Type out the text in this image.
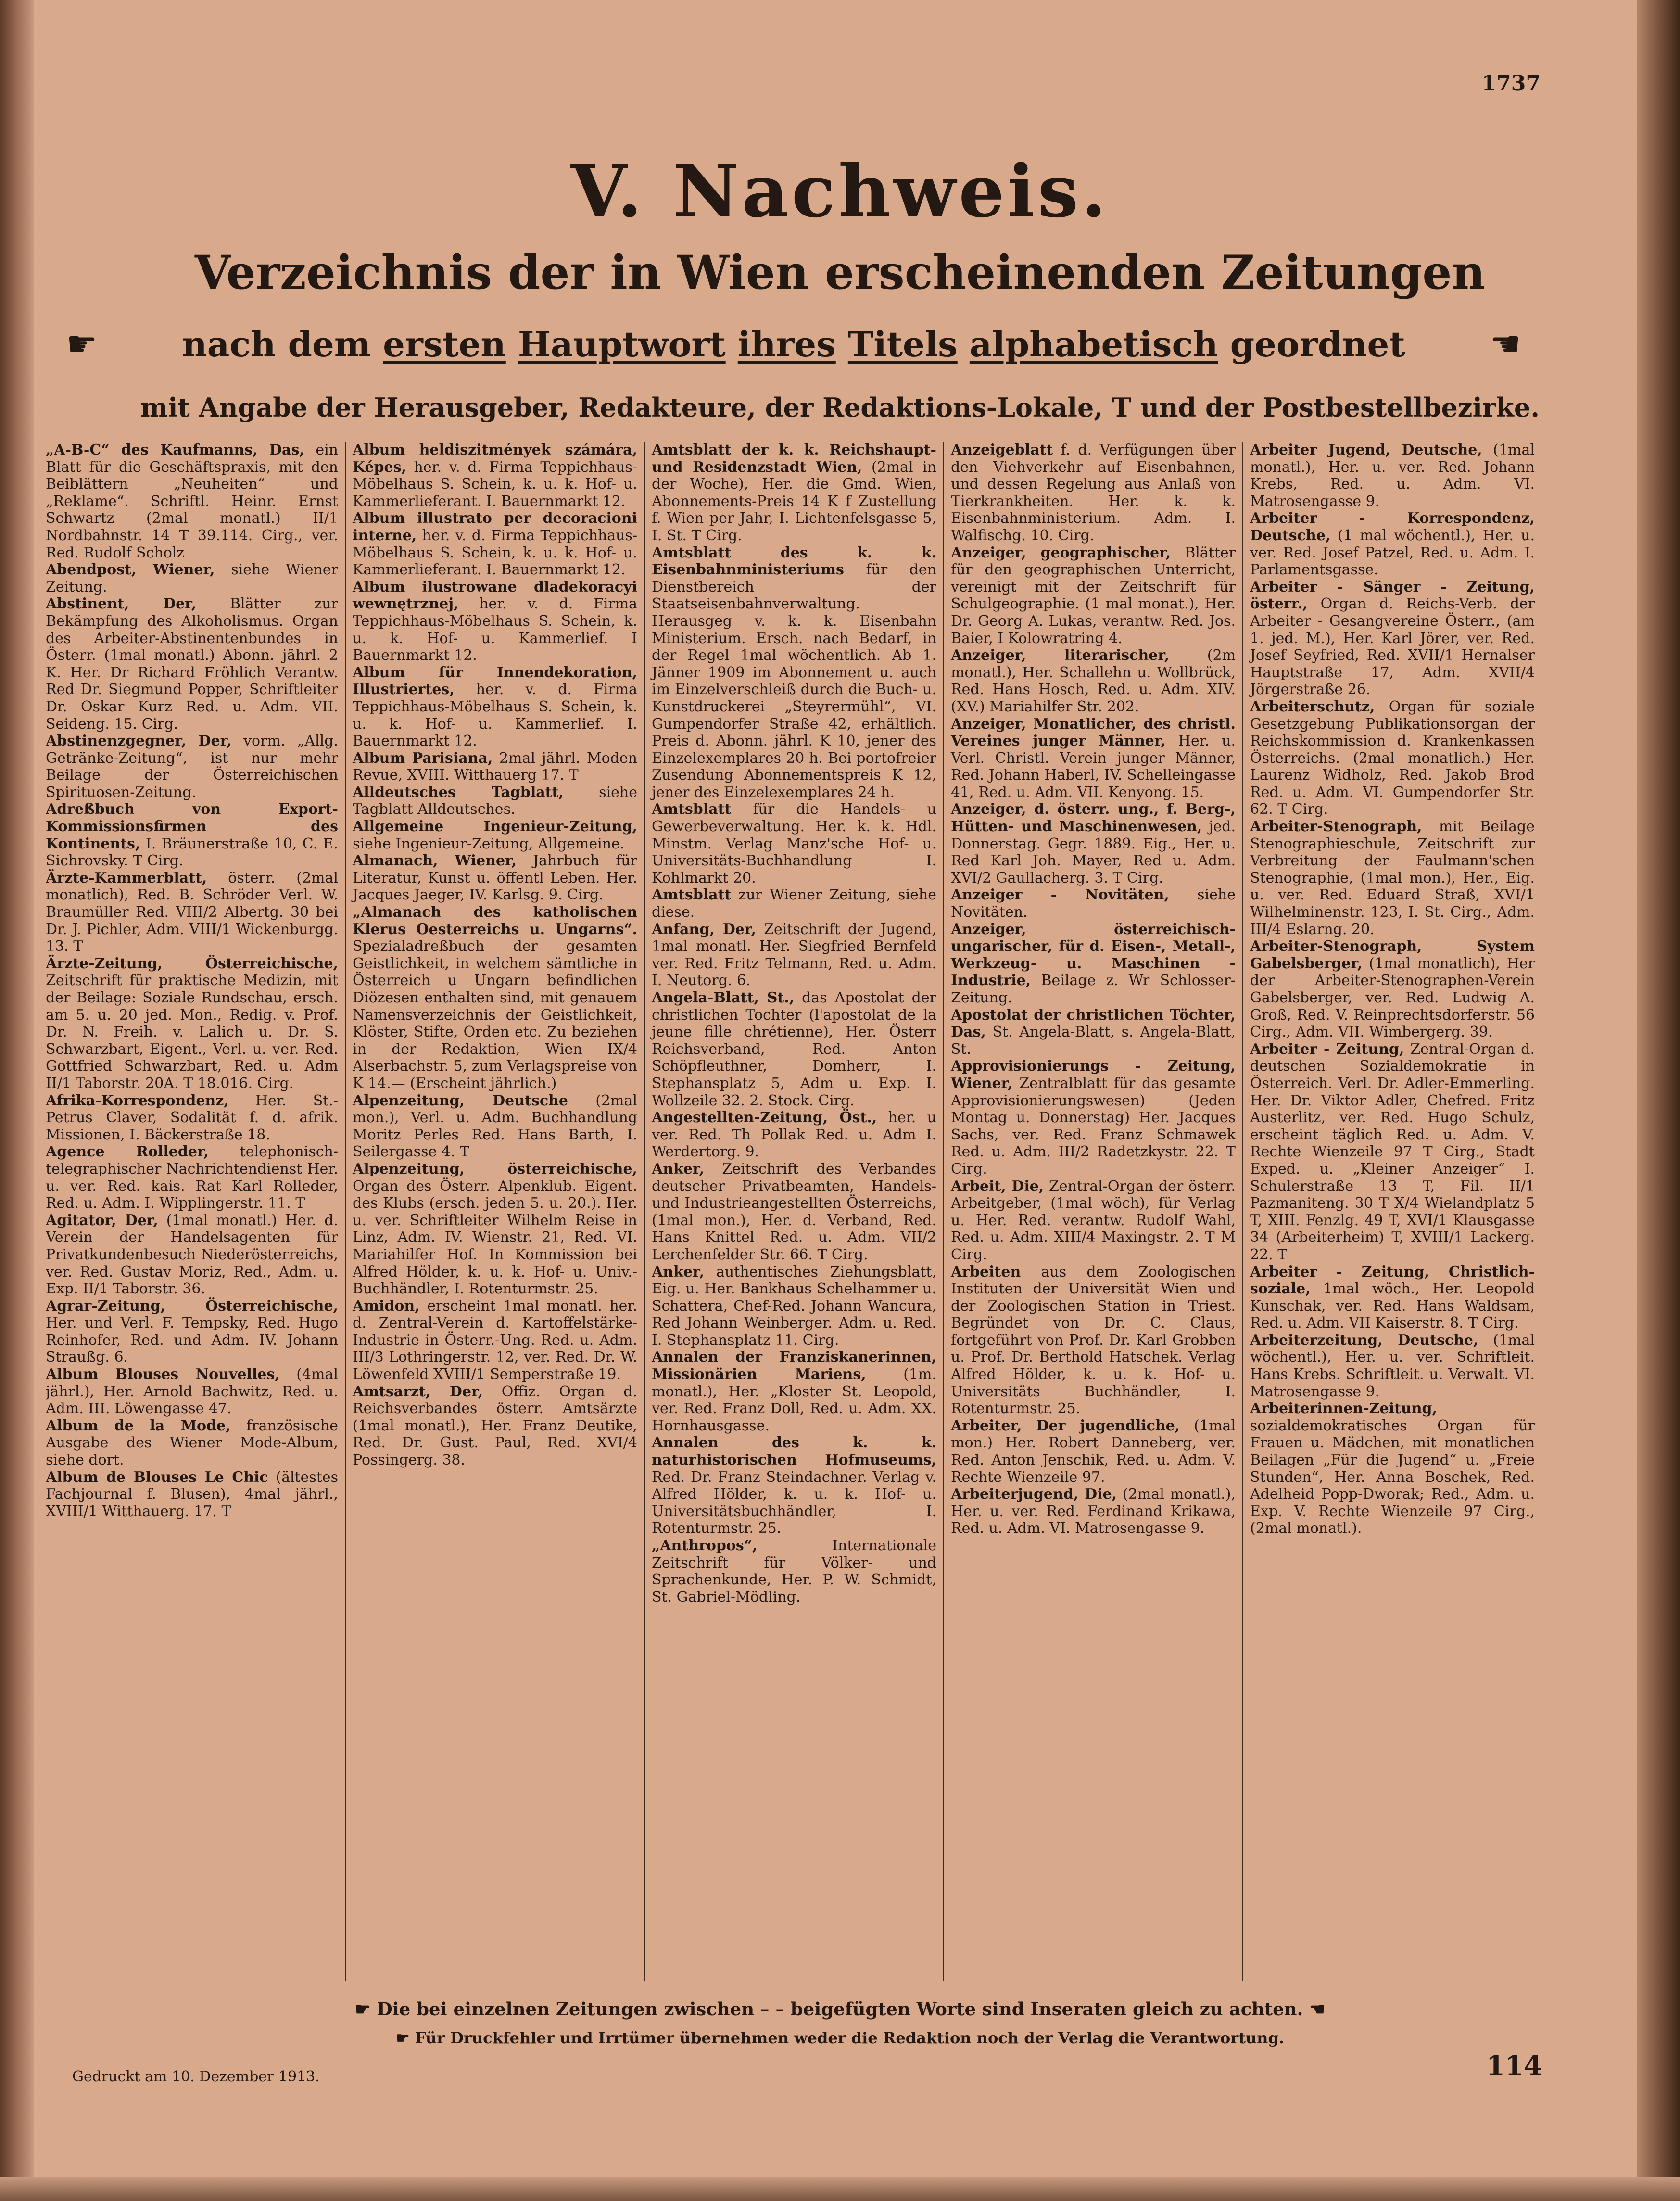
1737
V. Nachweis.
Verzeichnis der in Wien erscheinenden Zeitungen
☛	nach dem ersten Hauptwort ihres Titels alphabetisch geordnet	☚
mit Angabe der Herausgeber, Redakteure, der Redaktions-Lokale, T und der Postbestellbezirke.

„A-B-C“ des Kaufmanns, Das, ein Blatt für die Geschäftspraxis, mit den Beiblättern „Neuheiten“ und „Reklame“. Schriftl. Heinr. Ernst Schwartz (2mal monatl.) II/1 Nordbahnstr. 14 T 39.114. Cirg., ver. Red. Rudolf Scholz

Abendpost, Wiener, siehe Wiener Zeitung.

Abstinent, Der, Blätter zur Bekämpfung des Alkoholismus. Organ des Arbeiter-Abstinentenbundes in Österr. (1mal monatl.) Abonn. jährl. 2 K. Her. Dr Richard Fröhlich Verantw. Red Dr. Siegmund Popper, Schriftleiter Dr. Oskar Kurz Red. u. Adm. VII. Seideng. 15. Cirg.

Abstinenzgegner, Der, vorm. „Allg. Getränke-Zeitung“, ist nur mehr Beilage der Österreichischen Spirituosen-Zeitung.

Adreßbuch von Export-Kommissionsfirmen des Kontinents, I. Bräunerstraße 10, C. E. Sichrovsky. T Cirg.

Ärzte-Kammerblatt, österr. (2mal monatlich), Red. B. Schröder Verl. W. Braumüller Red. VIII/2 Albertg. 30 bei Dr. J. Pichler, Adm. VIII/1 Wickenburgg. 13. T

Ärzte-Zeitung, Österreichische, Zeitschrift für praktische Medizin, mit der Beilage: Soziale Rundschau, ersch. am 5. u. 20 jed. Mon., Redig. v. Prof. Dr. N. Freih. v. Lalich u. Dr. S. Schwarzbart, Eigent., Verl. u. ver. Red. Gottfried Schwarzbart, Red. u. Adm II/1 Taborstr. 20A. T 18.016. Cirg.

Afrika-Korrespondenz, Her. St.-Petrus Claver, Sodalität f. d. afrik. Missionen, I. Bäckerstraße 18.

Agence Rolleder, telephonisch-telegraphischer Nachrichtendienst Her. u. ver. Red. kais. Rat Karl Rolleder, Red. u. Adm. I. Wipplingerstr. 11. T

Agitator, Der, (1mal monatl.) Her. d. Verein der Handelsagenten für Privatkundenbesuch Niederösterreichs, ver. Red. Gustav Moriz, Red., Adm. u. Exp. II/1 Taborstr. 36.

Agrar-Zeitung, Österreichische, Her. und Verl. F. Tempsky, Red. Hugo Reinhofer, Red. und Adm. IV. Johann Straußg. 6.

Album Blouses Nouvelles, (4mal jährl.), Her. Arnold Bachwitz, Red. u. Adm. III. Löwengasse 47.

Album de la Mode, französische Ausgabe des Wiener Mode-Album, siehe dort.

Album de Blouses Le Chic (ältestes Fachjournal f. Blusen), 4mal jährl., XVIII/1 Witthauerg. 17. T

Album heldiszitmények számára, Képes, her. v. d. Firma Teppichhaus-Möbelhaus S. Schein, k. u. k. Hof- u. Kammerlieferant. I. Bauernmarkt 12.

Album illustrato per decoracioni interne, her. v. d. Firma Teppichhaus-Möbelhaus S. Schein, k. u. k. Hof- u. Kammerlieferant. I. Bauernmarkt 12.

Album ilustrowane dladekoracyi wewnętrznej, her. v. d. Firma Teppichhaus-Möbelhaus S. Schein, k. u. k. Hof- u. Kammerlief. I Bauernmarkt 12.

Album für Innendekoration, Illustriertes, her. v. d. Firma Teppichhaus-Möbelhaus S. Schein, k. u. k. Hof- u. Kammerlief. I. Bauernmarkt 12.

Album Parisiana, 2mal jährl. Moden Revue, XVIII. Witthauerg 17. T

Alldeutsches Tagblatt, siehe Tagblatt Alldeutsches.

Allgemeine Ingenieur-Zeitung, siehe Ingenieur-Zeitung, Allgemeine.

Almanach, Wiener, Jahrbuch für Literatur, Kunst u. öffentl Leben. Her. Jacques Jaeger, IV. Karlsg. 9. Cirg.

„Almanach des katholischen Klerus Oesterreichs u. Ungarns“. Spezialadreßbuch der gesamten Geistlichkeit, in welchem sämtliche in Österreich u Ungarn befindlichen Diözesen enthalten sind, mit genauem Namensverzeichnis der Geistlichkeit, Klöster, Stifte, Orden etc. Zu beziehen in der Redaktion, Wien IX/4 Alserbachstr. 5, zum Verlagspreise von K 14.— (Erscheint jährlich.)

Alpenzeitung, Deutsche (2mal mon.), Verl. u. Adm. Buchhandlung Moritz Perles Red. Hans Barth, I. Seilergasse 4. T

Alpenzeitung, österreichische, Organ des Österr. Alpenklub. Eigent. des Klubs (ersch. jeden 5. u. 20.). Her. u. ver. Schriftleiter Wilhelm Reise in Linz, Adm. IV. Wienstr. 21, Red. VI. Mariahilfer Hof. In Kommission bei Alfred Hölder, k. u. k. Hof- u. Univ.-Buchhändler, I. Rotenturmstr. 25.

Amidon, erscheint 1mal monatl. her. d. Zentral-Verein d. Kartoffelstärke-Industrie in Österr.-Ung. Red. u. Adm. III/3 Lothringerstr. 12, ver. Red. Dr. W. Löwenfeld XVIII/1 Semperstraße 19.

Amtsarzt, Der, Offiz. Organ d. Reichsverbandes österr. Amtsärzte (1mal monatl.), Her. Franz Deutike, Red. Dr. Gust. Paul, Red. XVI/4 Possingerg. 38.

Amtsblatt der k. k. Reichshaupt- und Residenzstadt Wien, (2mal in der Woche), Her. die Gmd. Wien, Abonnements-Preis 14 K f Zustellung f. Wien per Jahr, I. Lichtenfelsgasse 5, I. St. T Cirg.

Amtsblatt des k. k. Eisenbahnministeriums für den Dienstbereich der Staatseisenbahnverwaltung. Herausgeg v. k. k. Eisenbahn Ministerium. Ersch. nach Bedarf, in der Regel 1mal wöchentlich. Ab 1. Jänner 1909 im Abonnement u. auch im Einzelverschleiß durch die Buch- u. Kunstdruckerei „Steyrermühl“, VI. Gumpendorfer Straße 42, erhältlich. Preis d. Abonn. jährl. K 10, jener des Einzelexemplares 20 h. Bei portofreier Zusendung Abonnementspreis K 12, jener des Einzelexemplares 24 h.

Amtsblatt für die Handels- u Gewerbeverwaltung. Her. k. k. Hdl. Minstm. Verlag Manz'sche Hof- u. Universitäts-Buchhandlung I. Kohlmarkt 20.

Amtsblatt zur Wiener Zeitung, siehe diese.

Anfang, Der, Zeitschrift der Jugend, 1mal monatl. Her. Siegfried Bernfeld ver. Red. Fritz Telmann, Red. u. Adm. I. Neutorg. 6.

Angela-Blatt, St., das Apostolat der christlichen Tochter (l'apostolat de la jeune fille chrétienne), Her. Österr Reichsverband, Red. Anton Schöpfleuthner, Domherr, I. Stephansplatz 5, Adm u. Exp. I. Wollzeile 32. 2. Stock. Cirg.

Angestellten-Zeitung, Öst., her. u ver. Red. Th Pollak Red. u. Adm I. Werdertorg. 9.

Anker, Zeitschrift des Verbandes deutscher Privatbeamten, Handels- und Industrieangestellten Österreichs, (1mal mon.), Her. d. Verband, Red. Hans Knittel Red. u. Adm. VII/2 Lerchenfelder Str. 66. T Cirg.

Anker, authentisches Ziehungsblatt, Eig. u. Her. Bankhaus Schelhammer u. Schattera, Chef-Red. Johann Wancura, Red Johann Weinberger. Adm. u. Red. I. Stephansplatz 11. Cirg.

Annalen der Franziskanerinnen, Missionärien Mariens,	(1m. monatl.), Her. „Kloster St. Leopold, ver. Red. Franz Doll, Red. u. Adm. XX. Hornhausgasse.

Annalen des k. k. naturhistorischen Hofmuseums, Red. Dr. Franz Steindachner. Verlag v. Alfred Hölder, k. u. k. Hof- u. Universitätsbuchhändler, I. Rotenturmstr. 25.

„Anthropos“,	Internationale Zeitschrift für Völker- und Sprachenkunde, Her. P. W. Schmidt, St. Gabriel-Mödling.

Anzeigeblatt f. d. Verfügungen über den Viehverkehr auf Eisenbahnen, und dessen Regelung aus Anlaß von Tierkrankheiten. Her. k. k. Eisenbahnministerium. Adm. I. Walfischg. 10. Cirg.

Anzeiger, geographischer, Blätter für den geographischen Unterricht, vereinigt mit der Zeitschrift für Schulgeographie. (1 mal monat.), Her. Dr. Georg A. Lukas, verantw. Red. Jos. Baier, I Kolowratring 4.

Anzeiger, literarischer,	(2m monatl.), Her. Schallehn u. Wollbrück, Red. Hans Hosch, Red. u. Adm. XIV. (XV.) Mariahilfer Str. 202.

Anzeiger, Monatlicher, des christl. Vereines junger Männer, Her. u. Verl. Christl. Verein junger Männer, Red. Johann Haberl, IV. Schelleingasse 41, Red. u. Adm. VII. Kenyong. 15.

Anzeiger, d. österr. ung., f. Berg-, Hütten- und Maschinenwesen, jed. Donnerstag. Gegr. 1889. Eig., Her. u. Red Karl Joh. Mayer, Red u. Adm. XVI/2 Gaullacherg. 3. T Cirg.

Anzeiger - Novitäten, siehe Novitäten.

Anzeiger, österreichisch-ungarischer, für d. Eisen-, Metall-, Werkzeug- u. Maschinen - Industrie, Beilage z. Wr Schlosser-Zeitung.

Apostolat der christlichen Töchter, Das, St. Angela-Blatt, s. Angela-Blatt, St.

Approvisionierungs - Zeitung, Wiener, Zentralblatt für das gesamte Approvisionierungswesen) (Jeden Montag u. Donnerstag) Her. Jacques Sachs, ver. Red. Franz Schmawek Red. u. Adm. III/2 Radetzkystr. 22. T Cirg.

Arbeit, Die, Zentral-Organ der österr. Arbeitgeber, (1mal wöch), für Verlag u. Her. Red. verantw. Rudolf Wahl, Red. u. Adm. XIII/4 Maxingstr. 2. T M Cirg.

Arbeiten aus dem Zoologischen Instituten der Universität Wien und der Zoologischen Station in Triest. Begründet von Dr. C. Claus, fortgeführt von Prof. Dr. Karl Grobben u. Prof. Dr. Berthold Hatschek. Verlag Alfred Hölder, k. u. k. Hof- u. Universitäts Buchhändler, I. Rotenturmstr. 25.

Arbeiter, Der jugendliche, (1mal mon.) Her. Robert Danneberg, ver. Red. Anton Jenschik, Red. u. Adm. V. Rechte Wienzeile 97.

Arbeiterjugend, Die, (2mal monatl.), Her. u. ver. Red. Ferdinand Krikawa, Red. u. Adm. VI. Matrosengasse 9.

Arbeiter Jugend, Deutsche, (1mal monatl.), Her. u. ver. Red. Johann Krebs, Red. u. Adm. VI. Matrosengasse 9.

Arbeiter - Korrespondenz, Deutsche, (1 mal wöchentl.), Her. u. ver. Red. Josef Patzel, Red. u. Adm. I. Parlamentsgasse.

Arbeiter - Sänger - Zeitung, österr., Organ d. Reichs-Verb. der Arbeiter - Gesangvereine Österr., (am 1. jed. M.), Her. Karl Jörer, ver. Red. Josef Seyfried, Red. XVII/1 Hernalser Hauptstraße 17, Adm. XVII/4 Jörgerstraße 26.

Arbeiterschutz, Organ für soziale Gesetzgebung Publikationsorgan der Reichskommission d. Krankenkassen Österreichs. (2mal monatlich.) Her. Laurenz Widholz, Red. Jakob Brod Red. u. Adm. VI. Gumpendorfer Str. 62. T Cirg.

Arbeiter-Stenograph, mit Beilage Stenographieschule, Zeitschrift zur Verbreitung der Faulmann'schen Stenographie, (1mal mon.), Her., Eig. u. ver. Red. Eduard Straß, XVI/1 Wilhelminenstr. 123, I. St. Cirg., Adm. III/4 Eslarng. 20.

Arbeiter-Stenograph, System Gabelsberger, (1mal monatlich), Her der Arbeiter-Stenographen-Verein Gabelsberger, ver. Red. Ludwig A. Groß, Red. V. Reinprechtsdorferstr. 56 Cirg., Adm. VII. Wimbergerg. 39.

Arbeiter - Zeitung, Zentral-Organ d. deutschen Sozialdemokratie in Österreich. Verl. Dr. Adler-Emmerling. Her. Dr. Viktor Adler, Chefred. Fritz Austerlitz, ver. Red. Hugo Schulz, erscheint täglich Red. u. Adm. V. Rechte Wienzeile 97 T Cirg., Stadt Exped. u. „Kleiner Anzeiger“ I. Schulerstraße 13 T, Fil. II/1 Pazmaniteng. 30 T X/4 Wielandplatz 5 T, XIII. Fenzlg. 49 T, XVI/1 Klausgasse 34 (Arbeiterheim) T, XVIII/1 Lackerg. 22. T

Arbeiter - Zeitung, Christlich-soziale, 1mal wöch., Her. Leopold Kunschak, ver. Red. Hans Waldsam, Red. u. Adm. VII Kaiserstr. 8. T Cirg.

Arbeiterzeitung, Deutsche, (1mal wöchentl.), Her. u. ver. Schriftleit. Hans Krebs. Schriftleit. u. Verwalt. VI. Matrosengasse 9.

Arbeiterinnen-Zeitung, sozialdemokratisches Organ für Frauen u. Mädchen, mit monatlichen Beilagen „Für die Jugend“ u. „Freie Stunden“, Her. Anna Boschek, Red. Adelheid Popp-Dworak; Red., Adm. u. Exp. V. Rechte Wienzeile 97 Cirg., (2mal monatl.).

☛ Die bei einzelnen Zeitungen zwischen – – beigefügten Worte sind Inseraten gleich zu achten. ☚
☛ Für Druckfehler und Irrtümer übernehmen weder die Redaktion noch der Verlag die Verantwortung.
Gedruckt am 10. Dezember 1913.	114
